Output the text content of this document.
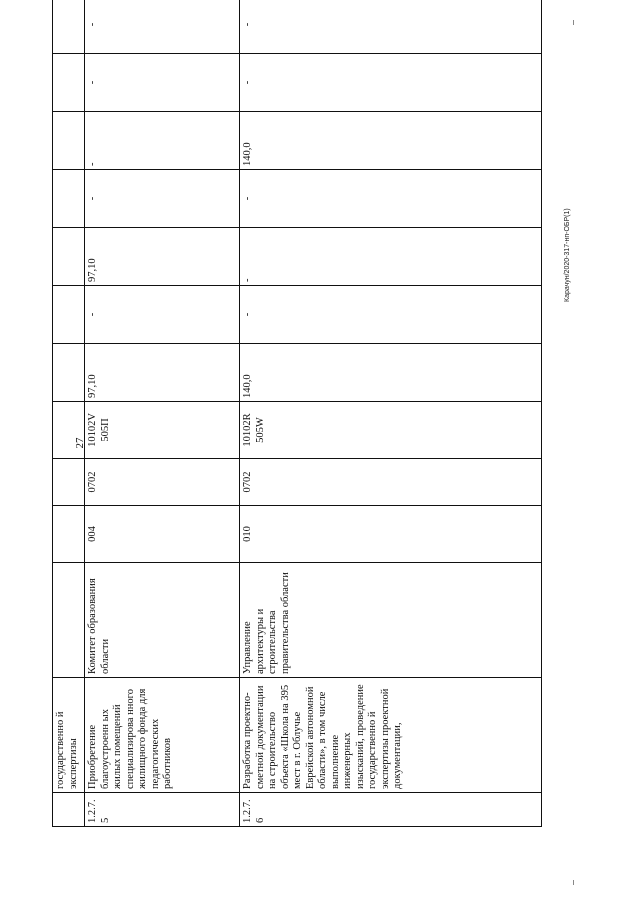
27
Карачун/2020-317-нп-ОБР(1)
	государственно й экспертизы												
1.2.7. 5	Приобретение благоустроенн ых жилых помещений специализирова нного жилищного фонда для педагогических работников	Комитет образования области	004	0702	10102V 505П	97,10	-	97,10	-	-	-	-	
1.2.7. 6	Разработка проектно-сметной документации на строительство объекта «Школа на 395 мест в г. Облучье Еврейской автономной области», в том числе выполнение инженерных изысканий, проведение государственно й экспертизы проектной документации,	Управление архитектуры и строительства правительства области	010	0702	10102R 505W	140,0	-	-	-	140,0	-	-	
